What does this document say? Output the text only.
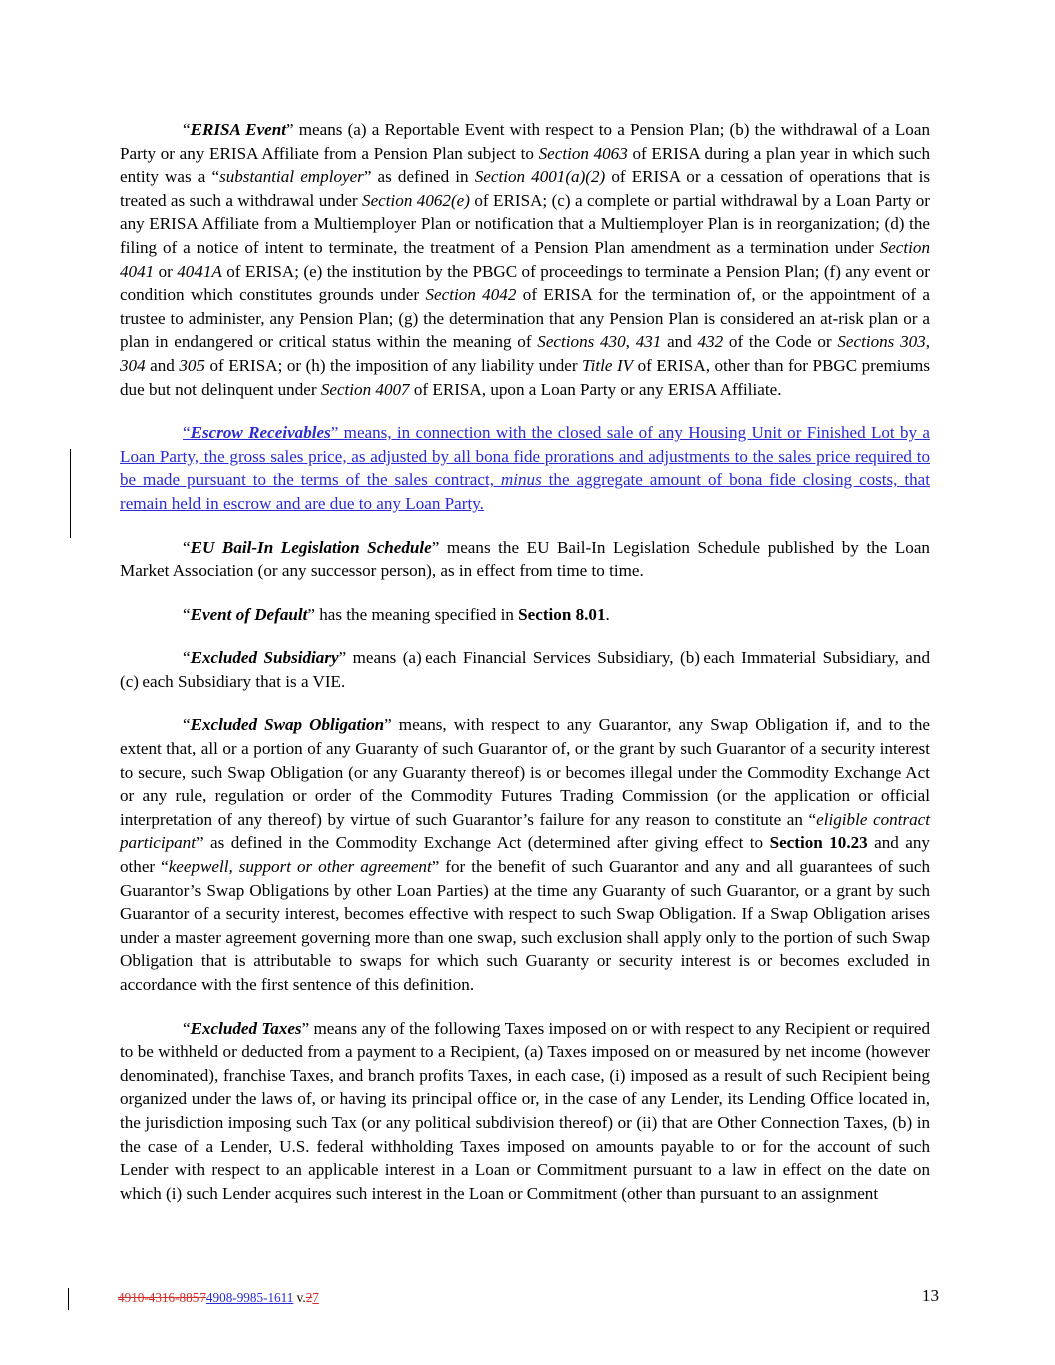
“ERISA Event” means (a) a Reportable Event with respect to a Pension Plan; (b) the withdrawal of a Loan Party or any ERISA Affiliate from a Pension Plan subject to Section 4063 of ERISA during a plan year in which such entity was a “substantial employer” as defined in Section 4001(a)(2) of ERISA or a cessation of operations that is treated as such a withdrawal under Section 4062(e) of ERISA; (c) a complete or partial withdrawal by a Loan Party or any ERISA Affiliate from a Multiemployer Plan or notification that a Multiemployer Plan is in reorganization; (d) the filing of a notice of intent to terminate, the treatment of a Pension Plan amendment as a termination under Section 4041 or 4041A of ERISA; (e) the institution by the PBGC of proceedings to terminate a Pension Plan; (f) any event or condition which constitutes grounds under Section 4042 of ERISA for the termination of, or the appointment of a trustee to administer, any Pension Plan; (g) the determination that any Pension Plan is considered an at-risk plan or a plan in endangered or critical status within the meaning of Sections 430, 431 and 432 of the Code or Sections 303, 304 and 305 of ERISA; or (h) the imposition of any liability under Title IV of ERISA, other than for PBGC premiums due but not delinquent under Section 4007 of ERISA, upon a Loan Party or any ERISA Affiliate.

“Escrow Receivables” means, in connection with the closed sale of any Housing Unit or Finished Lot by a Loan Party, the gross sales price, as adjusted by all bona fide prorations and adjustments to the sales price required to be made pursuant to the terms of the sales contract, minus the aggregate amount of bona fide closing costs, that remain held in escrow and are due to any Loan Party.

“EU Bail-In Legislation Schedule” means the EU Bail-In Legislation Schedule published by the Loan Market Association (or any successor person), as in effect from time to time.

“Event of Default” has the meaning specified in Section 8.01.

“Excluded Subsidiary” means (a) each Financial Services Subsidiary, (b) each Immaterial Subsidiary, and (c) each Subsidiary that is a VIE.

“Excluded Swap Obligation” means, with respect to any Guarantor, any Swap Obligation if, and to the extent that, all or a portion of any Guaranty of such Guarantor of, or the grant by such Guarantor of a security interest to secure, such Swap Obligation (or any Guaranty thereof) is or becomes illegal under the Commodity Exchange Act or any rule, regulation or order of the Commodity Futures Trading Commission (or the application or official interpretation of any thereof) by virtue of such Guarantor’s failure for any reason to constitute an “eligible contract participant” as defined in the Commodity Exchange Act (determined after giving effect to Section 10.23 and any other “keepwell, support or other agreement” for the benefit of such Guarantor and any and all guarantees of such Guarantor’s Swap Obligations by other Loan Parties) at the time any Guaranty of such Guarantor, or a grant by such Guarantor of a security interest, becomes effective with respect to such Swap Obligation. If a Swap Obligation arises under a master agreement governing more than one swap, such exclusion shall apply only to the portion of such Swap Obligation that is attributable to swaps for which such Guaranty or security interest is or becomes excluded in accordance with the first sentence of this definition.

“Excluded Taxes” means any of the following Taxes imposed on or with respect to any Recipient or required to be withheld or deducted from a payment to a Recipient, (a) Taxes imposed on or measured by net income (however denominated), franchise Taxes, and branch profits Taxes, in each case, (i) imposed as a result of such Recipient being organized under the laws of, or having its principal office or, in the case of any Lender, its Lending Office located in, the jurisdiction imposing such Tax (or any political subdivision thereof) or (ii) that are Other Connection Taxes, (b) in the case of a Lender, U.S. federal withholding Taxes imposed on amounts payable to or for the account of such Lender with respect to an applicable interest in a Loan or Commitment pursuant to a law in effect on the date on which (i) such Lender acquires such interest in the Loan or Commitment (other than pursuant to an assignment

4910-4316-88574908-9985-1611 v.27	13
